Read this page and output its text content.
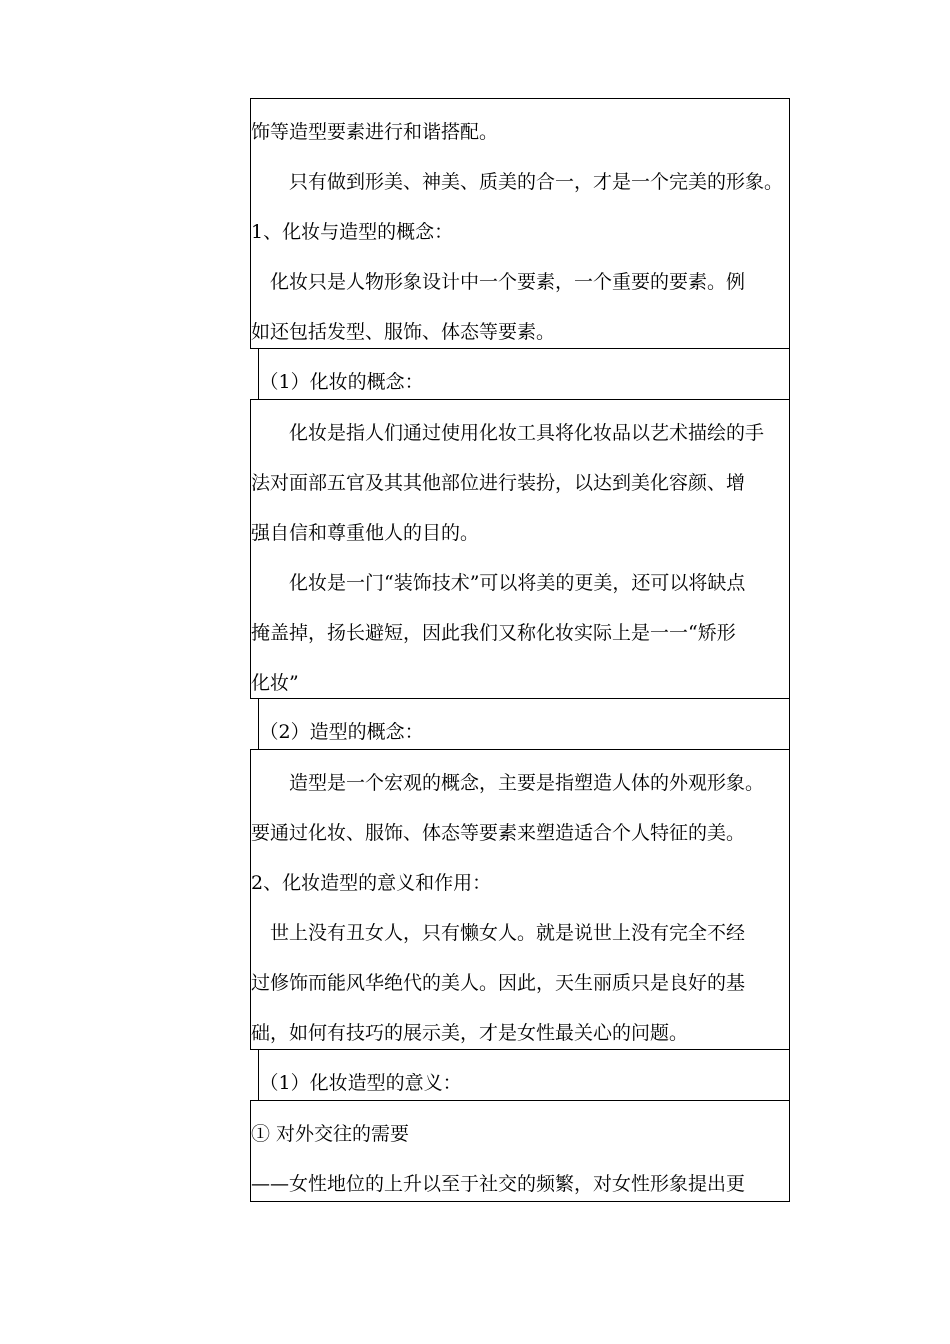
饰等造型要素进行和谐搭配。
　　只有做到形美、神美、质美的合一，才是一个完美的形象。
1、化妆与造型的概念：
　化妆只是人物形象设计中一个要素，一个重要的要素。例
如还包括发型、服饰、体态等要素。
　（1）化妆的概念：
　　化妆是指人们通过使用化妆工具将化妆品以艺术描绘的手
法对面部五官及其其他部位进行装扮，以达到美化容颜、增
强自信和尊重他人的目的。
　　化妆是一门“装饰技术”可以将美的更美，还可以将缺点
掩盖掉，扬长避短，因此我们又称化妆实际上是一一“矫形
化妆”
　（2）造型的概念：
　　造型是一个宏观的概念，主要是指塑造人体的外观形象。
要通过化妆、服饰、体态等要素来塑造适合个人特征的美。
2、化妆造型的意义和作用：
　世上没有丑女人，只有懒女人。就是说世上没有完全不经
过修饰而能风华绝代的美人。因此，天生丽质只是良好的基
础，如何有技巧的展示美，才是女性最关心的问题。
　（1）化妆造型的意义：
① 对外交往的需要
——女性地位的上升以至于社交的频繁，对女性形象提出更
